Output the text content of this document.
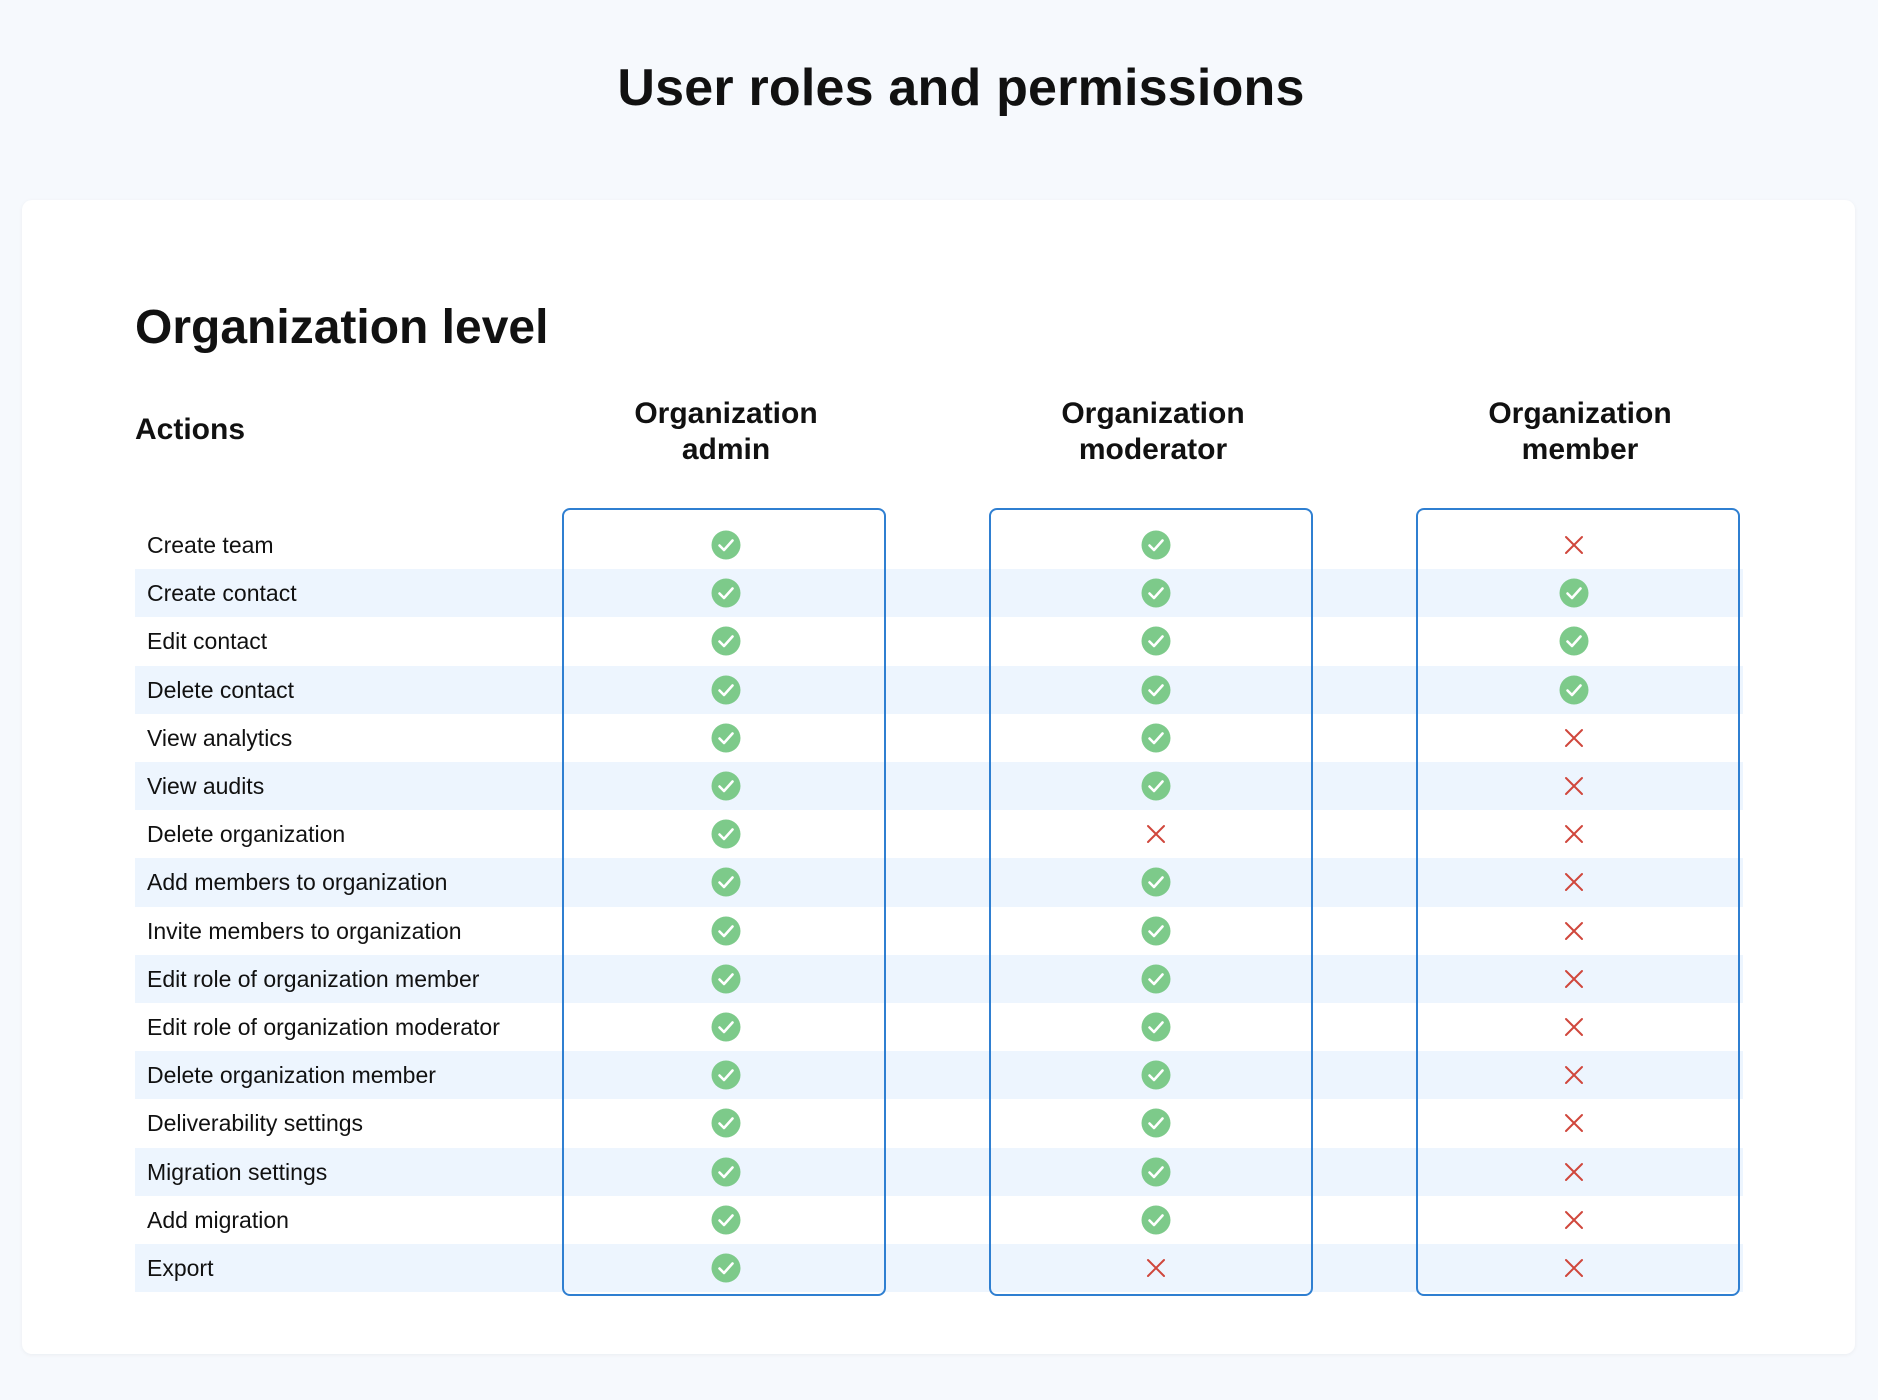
User roles and permissions
Organization level
Actions	Organization
admin
Organization
moderator
Organization
member
Create team
Create contact
Edit contact
Delete contact
View analytics
View audits
Delete organization
Add members to organization
Invite members to organization
Edit role of organization member
Edit role of organization moderator
Delete organization member
Deliverability settings
Migration settings
Add migration
Export
